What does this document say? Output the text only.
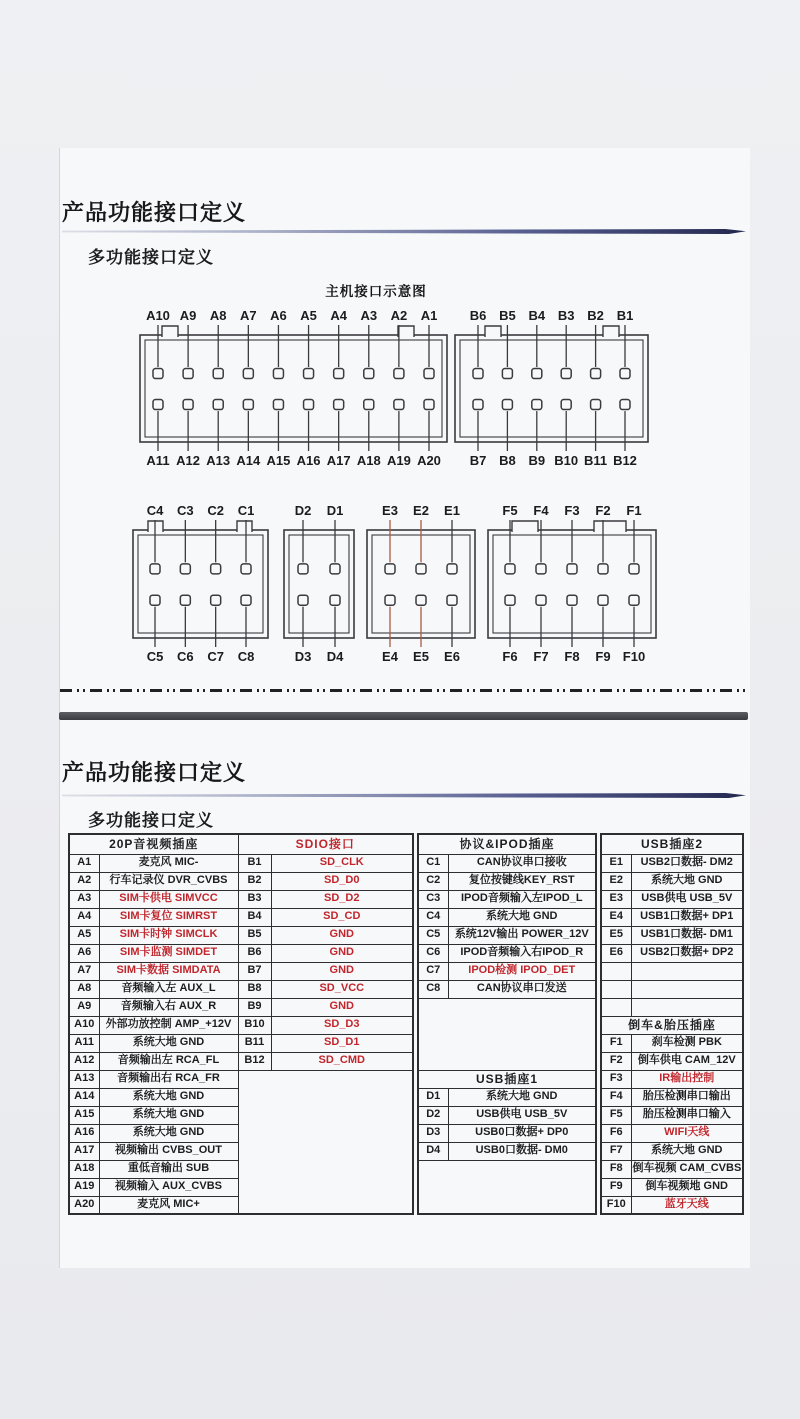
产品功能接口定义
多功能接口定义
主机接口示意图
A10 A9 A8 A7 A6 A5 A4 A3 A2 A1
A11 A12 A13 A14 A15 A16 A17 A18 A19 A20
B6 B5 B4 B3 B2 B1
B7 B8 B9 B10 B11 B12
C4 C3 C2 C1
C5 C6 C7 C8
D2 D1
D3 D4
E3 E2 E1
E4 E5 E6
F5 F4 F3 F2 F1
F6 F7 F8 F9 F10
产品功能接口定义
多功能接口定义
20P音视频插座		SDIO接口	
A1	麦克风 MIC-	B1	SD_CLK
A2	行车记录仪 DVR_CVBS	B2	SD_D0
A3	SIM卡供电 SIMVCC	B3	SD_D2
A4	SIM卡复位 SIMRST	B4	SD_CD
A5	SIM卡时钟 SIMCLK	B5	GND
A6	SIM卡监测 SIMDET	B6	GND
A7	SIM卡数据 SIMDATA	B7	GND
A8	音频输入左 AUX_L	B8	SD_VCC
A9	音频输入右 AUX_R	B9	GND
A10	外部功放控制 AMP_+12V	B10	SD_D3
A11	系统大地 GND	B11	SD_D1
A12	音频输出左 RCA_FL	B12	SD_CMD
A13	音频输出右 RCA_FR		
A14	系统大地 GND		
A15	系统大地 GND		
A16	系统大地 GND		
A17	视频输出 CVBS_OUT		
A18	重低音输出 SUB		
A19	视频输入 AUX_CVBS		
A20	麦克风 MIC+		
协议&IPOD插座	
C1	CAN协议串口接收
C2	复位按键线KEY_RST
C3	IPOD音频输入左IPOD_L
C4	系统大地 GND
C5	系统12V输出 POWER_12V
C6	IPOD音频输入右IPOD_R
C7	IPOD检测 IPOD_DET
C8	CAN协议串口发送

USB插座1	
D1	系统大地 GND
D2	USB供电 USB_5V
D3	USB0口数据+ DP0
D4	USB0口数据- DM0

USB插座2	
E1	USB2口数据- DM2
E2	系统大地 GND
E3	USB供电 USB_5V
E4	USB1口数据+ DP1
E5	USB1口数据- DM1
E6	USB2口数据+ DP2

倒车&胎压插座	
F1	刹车检测 PBK
F2	倒车供电 CAM_12V
F3	IR输出控制
F4	胎压检测串口输出
F5	胎压检测串口输入
F6	WIFI天线
F7	系统大地 GND
F8	倒车视频 CAM_CVBS
F9	倒车视频地 GND
F10	蓝牙天线
